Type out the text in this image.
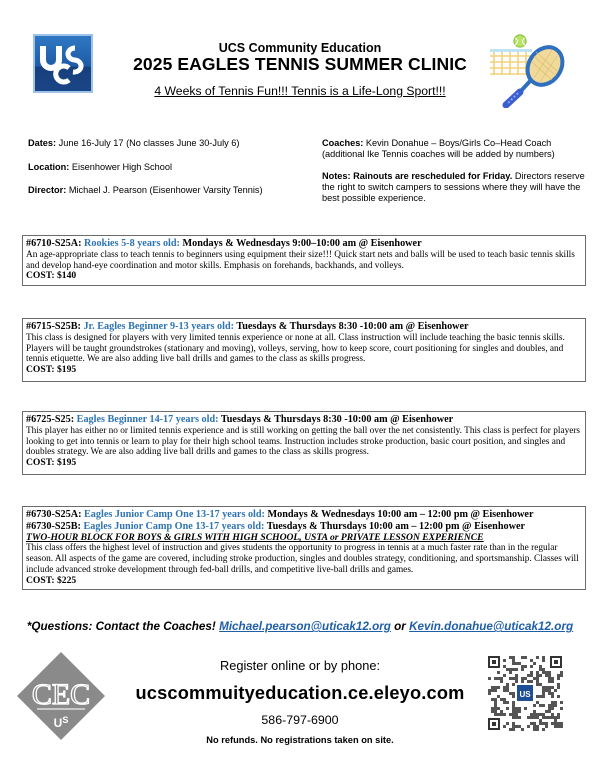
UCS Community Education
2025 EAGLES TENNIS SUMMER CLINIC
4 Weeks of Tennis Fun!!! Tennis is a Life-Long Sport!!!
Dates: June 16-July 17 (No classes June 30-July 6)
Location: Eisenhower High School
Director: Michael J. Pearson (Eisenhower Varsity Tennis)
Coaches: Kevin Donahue – Boys/Girls Co–Head Coach (additional Ike Tennis coaches will be added by numbers)
Notes: Rainouts are rescheduled for Friday. Directors reserve the right to switch campers to sessions where they will have the best possible experience.
#6710-S25A: Rookies 5-8 years old: Mondays & Wednesdays 9:00–10:00 am @ Eisenhower
An age-appropriate class to teach tennis to beginners using equipment their size!!! Quick start nets and balls will be used to teach basic tennis skills and develop hand-eye coordination and motor skills. Emphasis on forehands, backhands, and volleys.
COST: $140
#6715-S25B: Jr. Eagles Beginner 9-13 years old: Tuesdays & Thursdays 8:30 -10:00 am @ Eisenhower
This class is designed for players with very limited tennis experience or none at all. Class instruction will include teaching the basic tennis skills. Players will be taught groundstrokes (stationary and moving), volleys, serving, how to keep score, court positioning for singles and doubles, and tennis etiquette. We are also adding live ball drills and games to the class as skills progress.
COST: $195
#6725-S25: Eagles Beginner 14-17 years old: Tuesdays & Thursdays 8:30 -10:00 am @ Eisenhower
This player has either no or limited tennis experience and is still working on getting the ball over the net consistently. This class is perfect for players looking to get into tennis or learn to play for their high school teams. Instruction includes stroke production, basic court position, and singles and doubles strategy. We are also adding live ball drills and games to the class as skills progress.
COST: $195
#6730-S25A: Eagles Junior Camp One 13-17 years old: Mondays & Wednesdays 10:00 am – 12:00 pm @ Eisenhower
#6730-S25B: Eagles Junior Camp One 13-17 years old: Tuesdays & Thursdays 10:00 am – 12:00 pm @ Eisenhower
TWO-HOUR BLOCK FOR BOYS & GIRLS WITH HIGH SCHOOL, USTA or PRIVATE LESSON EXPERIENCE
This class offers the highest level of instruction and gives students the opportunity to progress in tennis at a much faster rate than in the regular season. All aspects of the game are covered, including stroke production, singles and doubles strategy, conditioning, and sportsmanship. Classes will include advanced stroke development through fed-ball drills, and competitive live-ball drills and games.
COST: $225
*Questions: Contact the Coaches! Michael.pearson@uticak12.org or Kevin.donahue@uticak12.org
CEC
$U^S$
Register online or by phone:
ucscommuityeducation.ce.eleyo.com
586-797-6900
No refunds. No registrations taken on site.
US
